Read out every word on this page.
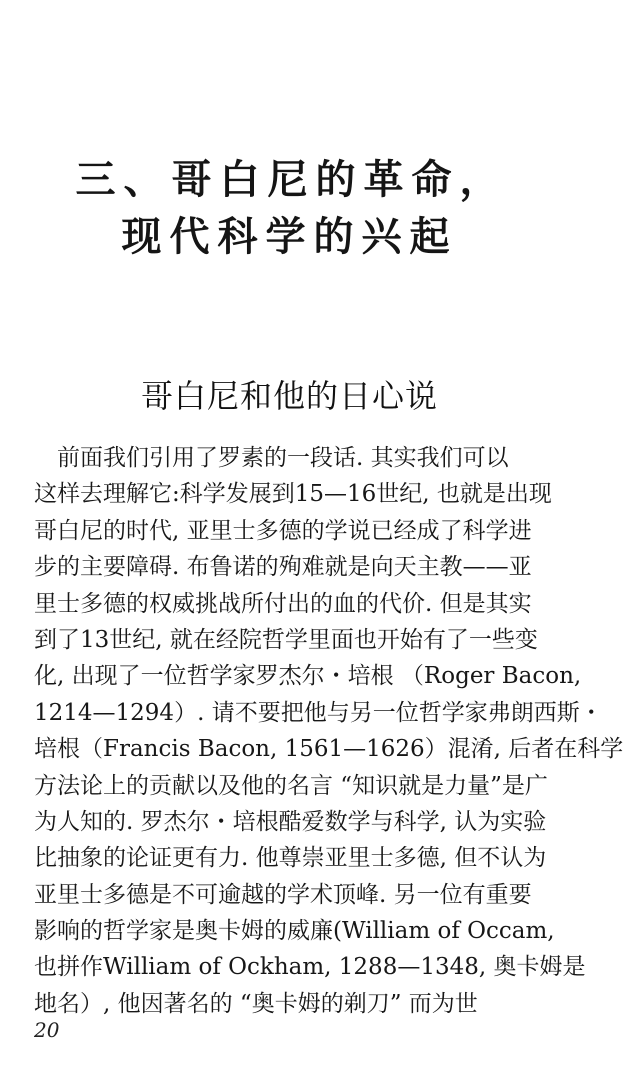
三、哥白尼的革命，
现代科学的兴起
哥白尼和他的日心说
　前面我们引用了罗素的一段话. 其实我们可以
这样去理解它:科学发展到15—16世纪, 也就是出现
哥白尼的时代, 亚里士多德的学说已经成了科学进
步的主要障碍. 布鲁诺的殉难就是向天主教——亚
里士多德的权威挑战所付出的血的代价. 但是其实
到了13世纪, 就在经院哲学里面也开始有了一些变
化, 出现了一位哲学家罗杰尔・培根 （Roger Bacon,
1214—1294）. 请不要把他与另一位哲学家弗朗西斯・
培根（Francis Bacon, 1561—1626）混淆, 后者在科学
方法论上的贡献以及他的名言 “知识就是力量”是广
为人知的. 罗杰尔・培根酷爱数学与科学, 认为实验
比抽象的论证更有力. 他尊崇亚里士多德, 但不认为
亚里士多德是不可逾越的学术顶峰. 另一位有重要
影响的哲学家是奥卡姆的威廉(William of Occam,
也拼作William of Ockham, 1288—1348, 奥卡姆是
地名）, 他因著名的 “奥卡姆的剃刀” 而为世
20
